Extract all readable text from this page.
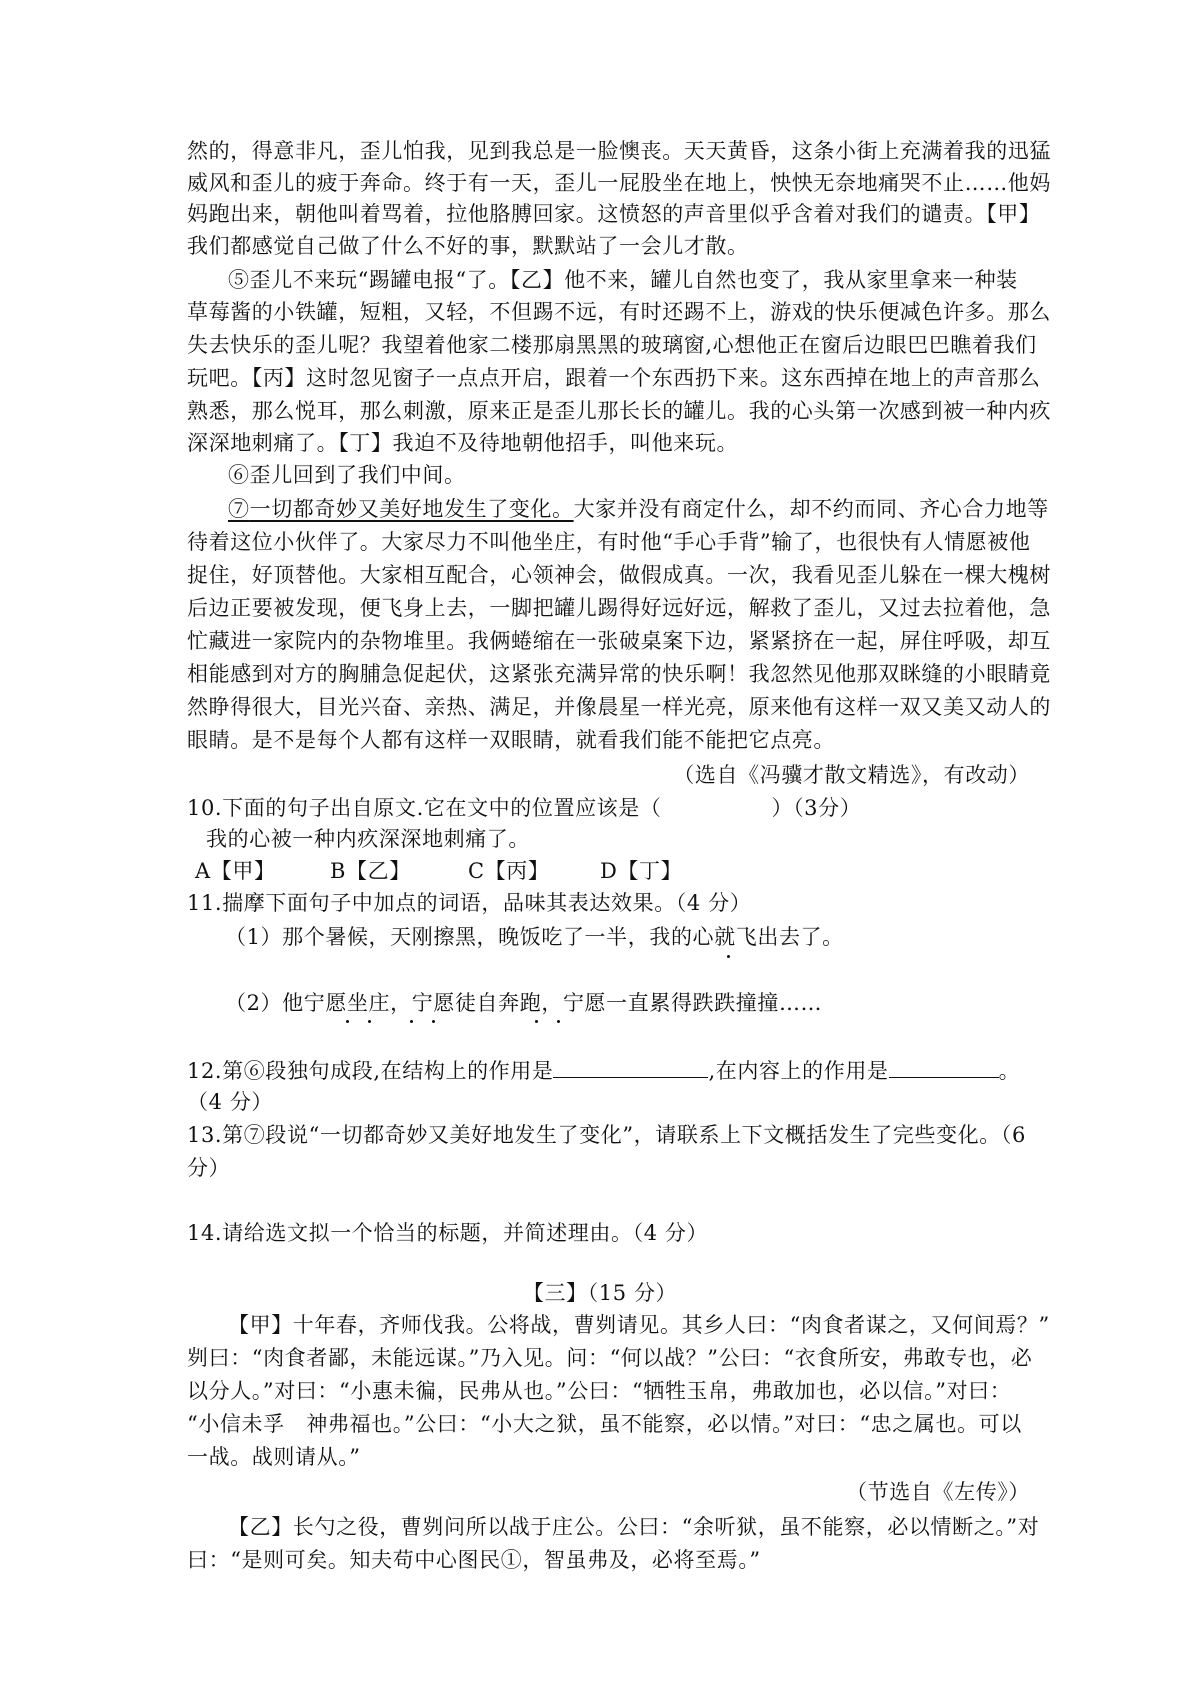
然的，得意非凡，歪儿怕我，见到我总是一脸懊丧。天天黄昏，这条小街上充满着我的迅猛
威风和歪儿的疲于奔命。终于有一天，歪儿一屁股坐在地上，怏怏无奈地痛哭不止……他妈
妈跑出来，朝他叫着骂着，拉他胳膊回家。这愤怒的声音里似乎含着对我们的谴责。【甲】
我们都感觉自己做了什么不好的事，默默站了一会儿才散。
⑤歪儿不来玩“踢罐电报“了。【乙】他不来，罐儿自然也变了，我从家里拿来一种装
草莓酱的小铁罐，短粗，又轻，不但踢不远，有时还踢不上，游戏的快乐便减色许多。那么
失去快乐的歪儿呢？我望着他家二楼那扇黑黑的玻璃窗,心想他正在窗后边眼巴巴瞧着我们
玩吧。【丙】这时忽见窗子一点点开启，跟着一个东西扔下来。这东西掉在地上的声音那么
熟悉，那么悦耳，那么刺激，原来正是歪儿那长长的罐儿。我的心头第一次感到被一种内疚
深深地刺痛了。【丁】我迫不及待地朝他招手，叫他来玩。
⑥歪儿回到了我们中间。
⑦一切都奇妙又美好地发生了变化。大家并没有商定什么，却不约而同、齐心合力地等
待着这位小伙伴了。大家尽力不叫他坐庄，有时他“手心手背”输了，也很快有人情愿被他
捉住，好顶替他。大家相互配合，心领神会，做假成真。一次，我看见歪儿躲在一棵大槐树
后边正要被发现，便飞身上去，一脚把罐儿踢得好远好远，解救了歪儿，又过去拉着他，急
忙藏进一家院内的杂物堆里。我俩蜷缩在一张破桌案下边，紧紧挤在一起，屏住呼吸，却互
相能感到对方的胸脯急促起伏，这紧张充满异常的快乐啊！我忽然见他那双眯缝的小眼睛竟
然睁得很大，目光兴奋、亲热、满足，并像晨星一样光亮，原来他有这样一双又美又动人的
眼睛。是不是每个人都有这样一双眼睛，就看我们能不能把它点亮。
（选自《冯骥才散文精选》，有改动）
10.下面的句子出自原文.它在文中的位置应该是（	）（3分）
我的心被一种内疚深深地刺痛了。
A【甲】	B【乙】	C【丙】 D【丁】
11.揣摩下面句子中加点的词语，品味其表达效果。（4 分）
（1）那个暑候，天刚擦黑，晚饭吃了一半，我的心就飞出去了。
（2）他宁愿坐庄，宁愿徒自奔跑，宁愿一直累得跌跌撞撞……
12.第⑥段独句成段,在结构上的作用是	,在内容上的作用是	。
（4 分）
13.第⑦段说“一切都奇妙又美好地发生了变化”，请联系上下文概括发生了完些变化。（6
分）
14.请给选文拟一个恰当的标题，并简述理由。（4 分）
【三】（15 分）
【甲】十年春，齐师伐我。公将战，曹刿请见。其乡人曰：“肉食者谋之，又何间焉？”
刿曰：“肉食者鄙，未能远谋。”乃入见。问：“何以战？”公曰：“衣食所安，弗敢专也，必
以分人。”对曰：“小惠未徧，民弗从也。”公曰：“牺牲玉帛，弗敢加也，必以信。”对曰：
“小信未孚　神弗福也。”公曰：“小大之狱，虽不能察，必以情。”对曰：“忠之属也。可以
一战。战则请从。”
（节选自《左传》）
【乙】长勺之役，曹刿问所以战于庄公。公曰：“余听狱，虽不能察，必以情断之。”对
曰：“是则可矣。知夫苟中心图民①，智虽弗及，必将至焉。”
